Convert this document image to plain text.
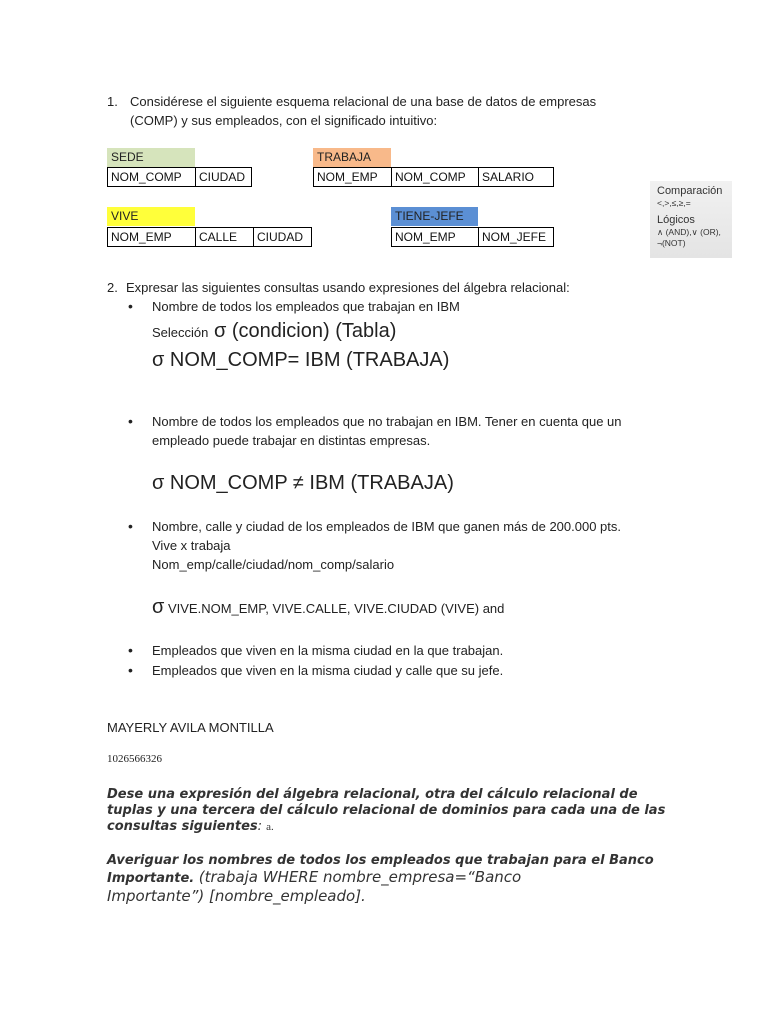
1. Considérese el siguiente esquema relacional de una base de datos de empresas
(COMP) y sus empleados, con el significado intuitivo:
SEDE
NOM_COMP	CIUDAD
TRABAJA
NOM_EMP	NOM_COMP	SALARIO
VIVE
NOM_EMP	CALLE	CIUDAD
TIENE-JEFE
NOM_EMP	NOM_JEFE
Comparación
<,>,≤,≥,=
Lógicos
∧ (AND),∨ (OR),
¬(NOT)
2. Expresar las siguientes consultas usando expresiones del álgebra relacional:
• Nombre de todos los empleados que trabajan en IBM
Selección σ (condicion) (Tabla)
σ NOM_COMP= IBM (TRABAJA)
• Nombre de todos los empleados que no trabajan en IBM. Tener en cuenta que un
empleado puede trabajar en distintas empresas.
σ NOM_COMP ≠ IBM (TRABAJA)
• Nombre, calle y ciudad de los empleados de IBM que ganen más de 200.000 pts.
Vive x trabaja
Nom_emp/calle/ciudad/nom_comp/salario
σ VIVE.NOM_EMP, VIVE.CALLE, VIVE.CIUDAD (VIVE) and
• Empleados que viven en la misma ciudad en la que trabajan.
• Empleados que viven en la misma ciudad y calle que su jefe.
MAYERLY AVILA MONTILLA
1026566326
Dese una expresión del álgebra relacional, otra del cálculo relacional de
tuplas y una tercera del cálculo relacional de dominios para cada una de las
consultas siguientes: a.
Averiguar los nombres de todos los empleados que trabajan para el Banco
Importante. (trabaja WHERE nombre_empresa=“Banco
Importante”) [nombre_empleado].
